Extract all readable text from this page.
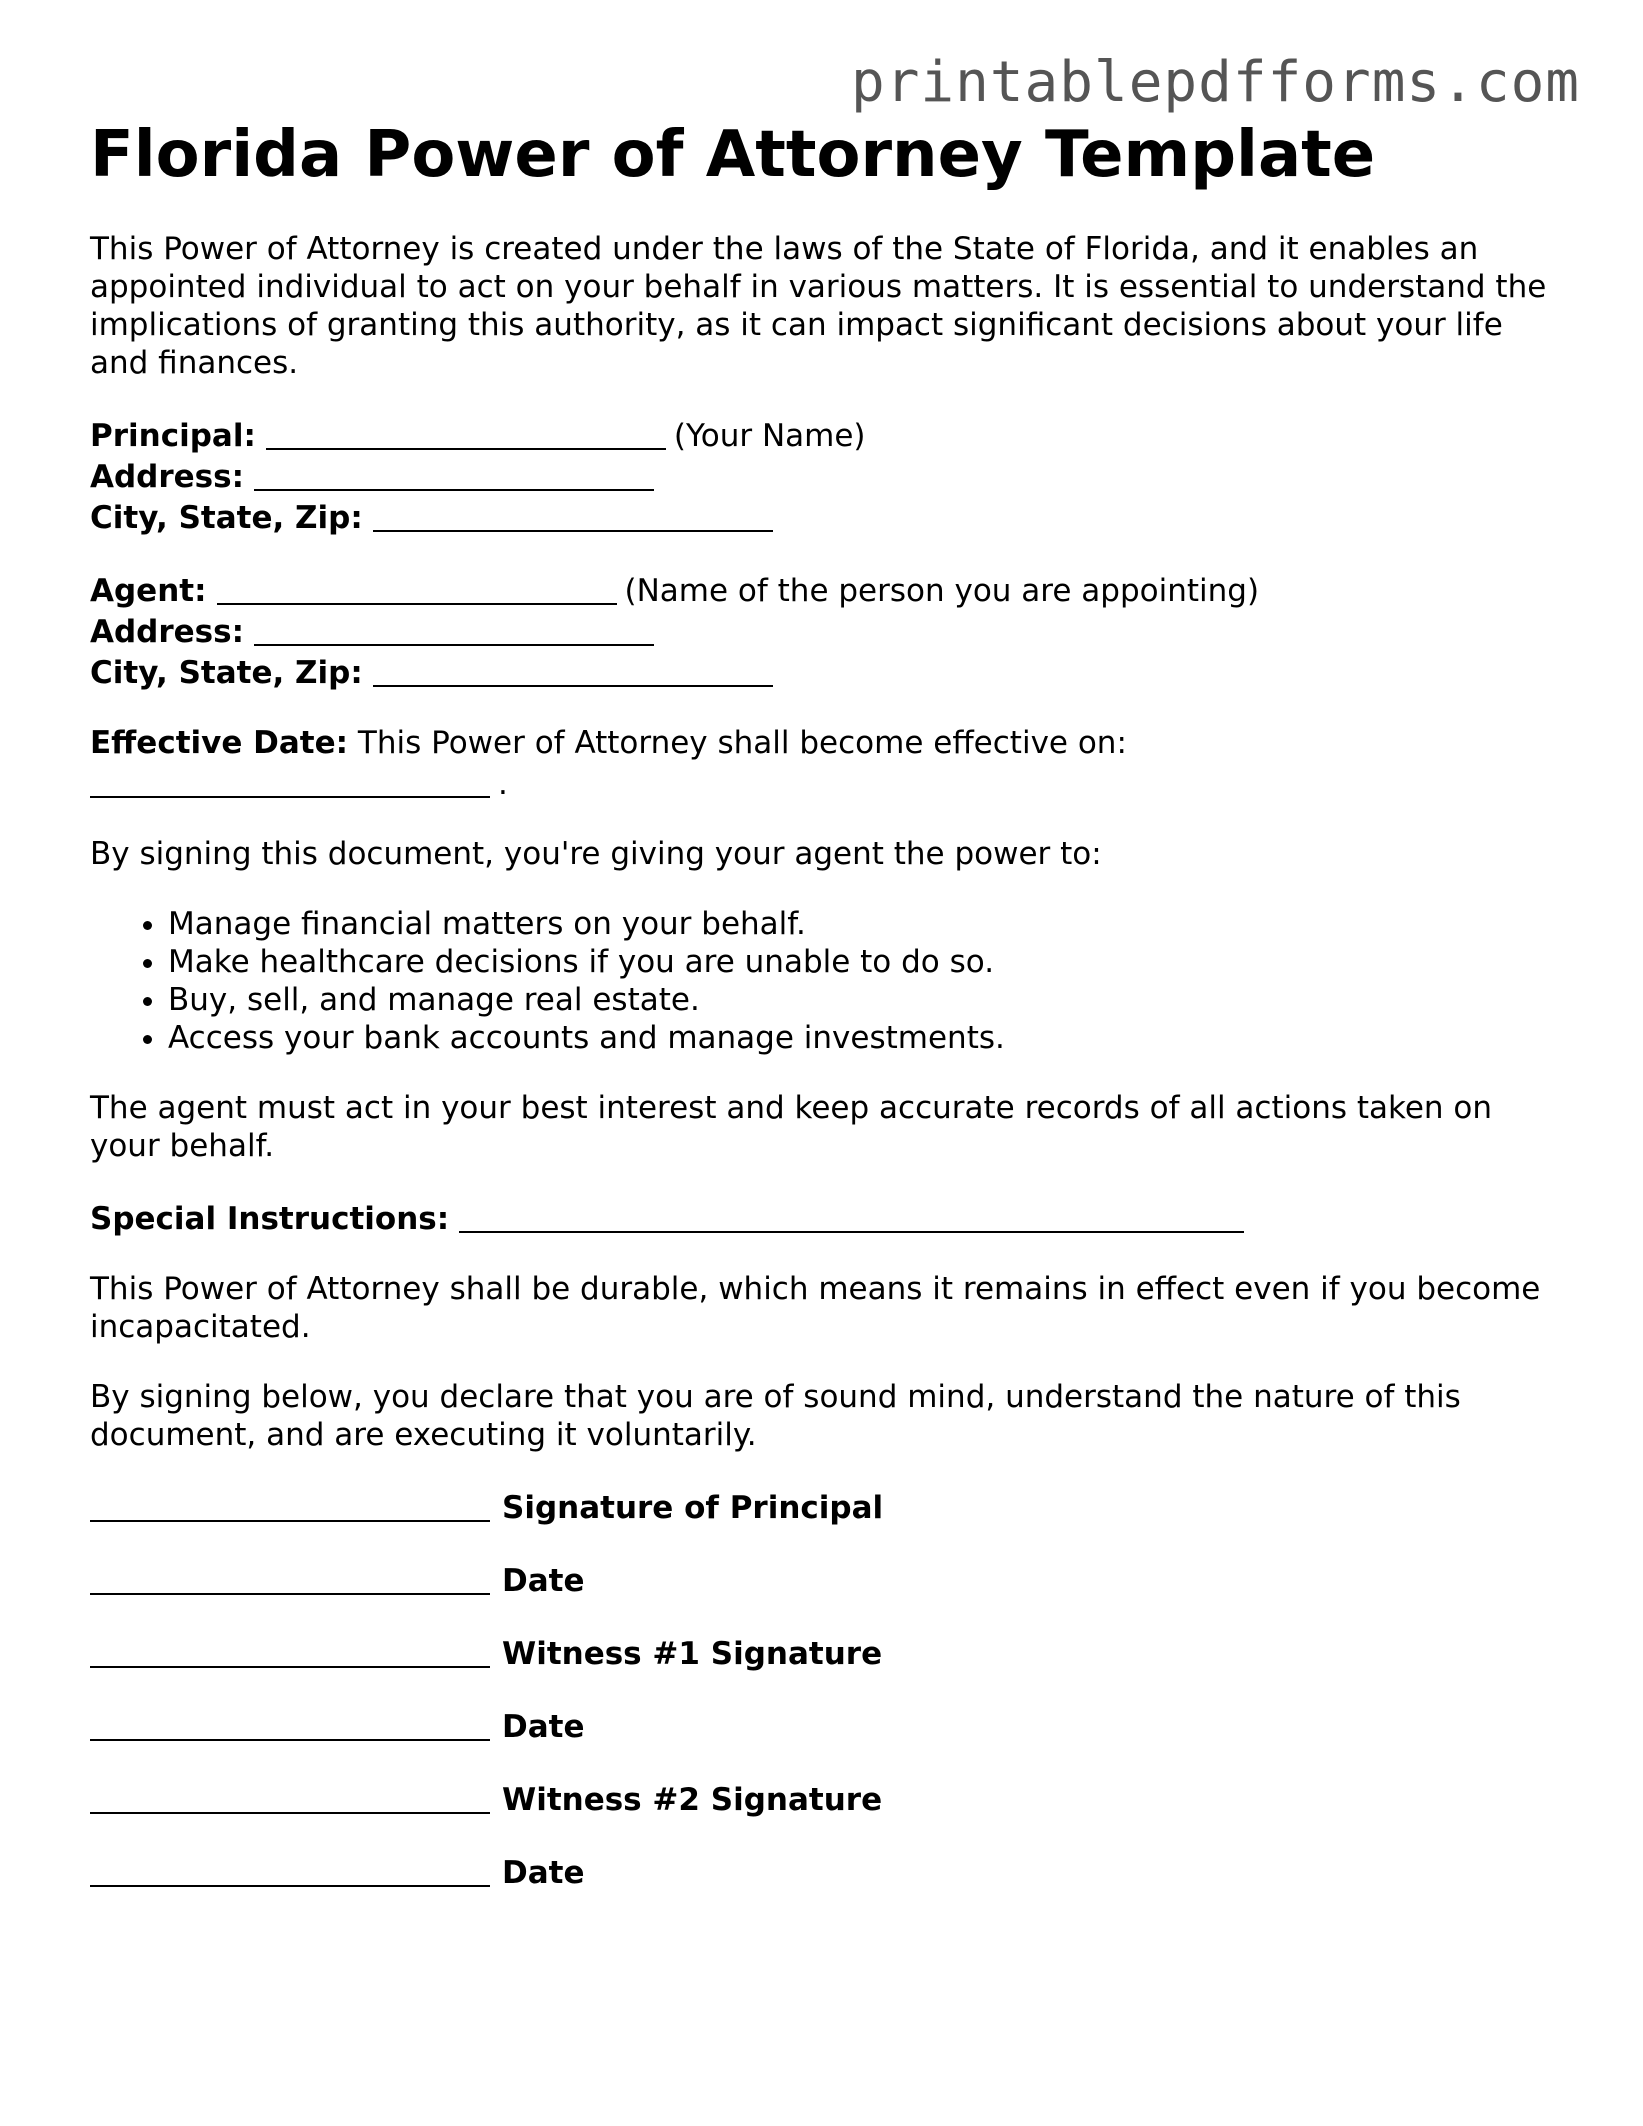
printablepdfforms.com
Florida Power of Attorney Template

This Power of Attorney is created under the laws of the State of Florida, and it enables an appointed individual to act on your behalf in various matters. It is essential to understand the implications of granting this authority, as it can impact significant decisions about your life and finances.

Principal:	(Your Name)
Address:
City, State, Zip:
Agent:	(Name of the person you are appointing)
Address:
City, State, Zip:
Effective Date: This Power of Attorney shall become effective on:
.

By signing this document, you're giving your agent the power to:

• Manage financial matters on your behalf.
• Make healthcare decisions if you are unable to do so.
• Buy, sell, and manage real estate.
• Access your bank accounts and manage investments.

The agent must act in your best interest and keep accurate records of all actions taken on your behalf.

Special Instructions:

This Power of Attorney shall be durable, which means it remains in effect even if you become incapacitated.

By signing below, you declare that you are of sound mind, understand the nature of this document, and are executing it voluntarily.

Signature of Principal
Date
Witness #1 Signature
Date
Witness #2 Signature
Date
